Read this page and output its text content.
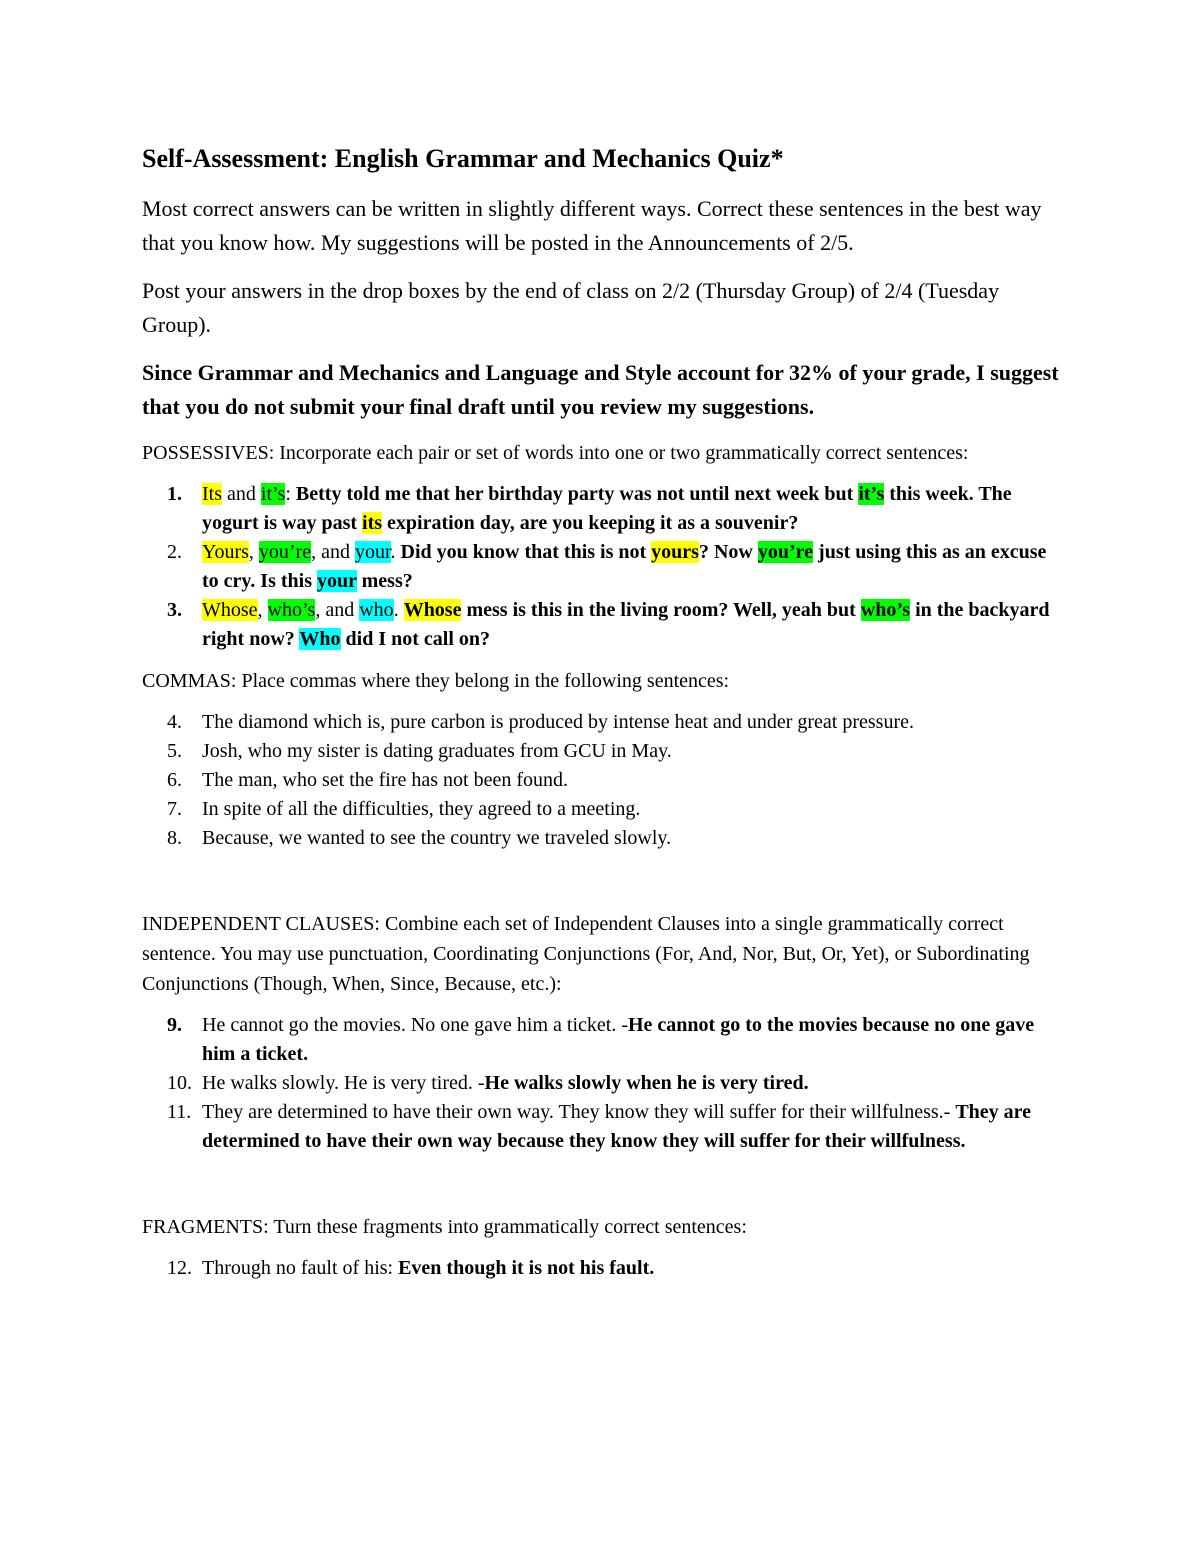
Self-Assessment: English Grammar and Mechanics Quiz*

Most correct answers can be written in slightly different ways. Correct these sentences in the best way that you know how. My suggestions will be posted in the Announcements of 2/5.

Post your answers in the drop boxes by the end of class on 2/2 (Thursday Group) of 2/4 (Tuesday Group).

Since Grammar and Mechanics and Language and Style account for 32% of your grade, I suggest that you do not submit your final draft until you review my suggestions.

POSSESSIVES: Incorporate each pair or set of words into one or two grammatically correct sentences:

1. Its and it’s: Betty told me that her birthday party was not until next week but it’s this week. The yogurt is way past its expiration day, are you keeping it as a souvenir?
2. Yours, you’re, and your. Did you know that this is not yours? Now you’re just using this as an excuse to cry. Is this your mess?
3. Whose, who’s, and who. Whose mess is this in the living room? Well, yeah but who’s in the backyard right now? Who did I not call on?

COMMAS: Place commas where they belong in the following sentences:

4. The diamond which is, pure carbon is produced by intense heat and under great pressure.
5. Josh, who my sister is dating graduates from GCU in May.
6. The man, who set the fire has not been found.
7. In spite of all the difficulties, they agreed to a meeting.
8. Because, we wanted to see the country we traveled slowly.

INDEPENDENT CLAUSES: Combine each set of Independent Clauses into a single grammatically correct sentence. You may use punctuation, Coordinating Conjunctions (For, And, Nor, But, Or, Yet), or Subordinating Conjunctions (Though, When, Since, Because, etc.):

9. He cannot go the movies. No one gave him a ticket. -He cannot go to the movies because no one gave him a ticket.
10. He walks slowly. He is very tired. -He walks slowly when he is very tired.
11. They are determined to have their own way. They know they will suffer for their willfulness.- They are determined to have their own way because they know they will suffer for their willfulness.

FRAGMENTS: Turn these fragments into grammatically correct sentences:

12. Through no fault of his: Even though it is not his fault.
